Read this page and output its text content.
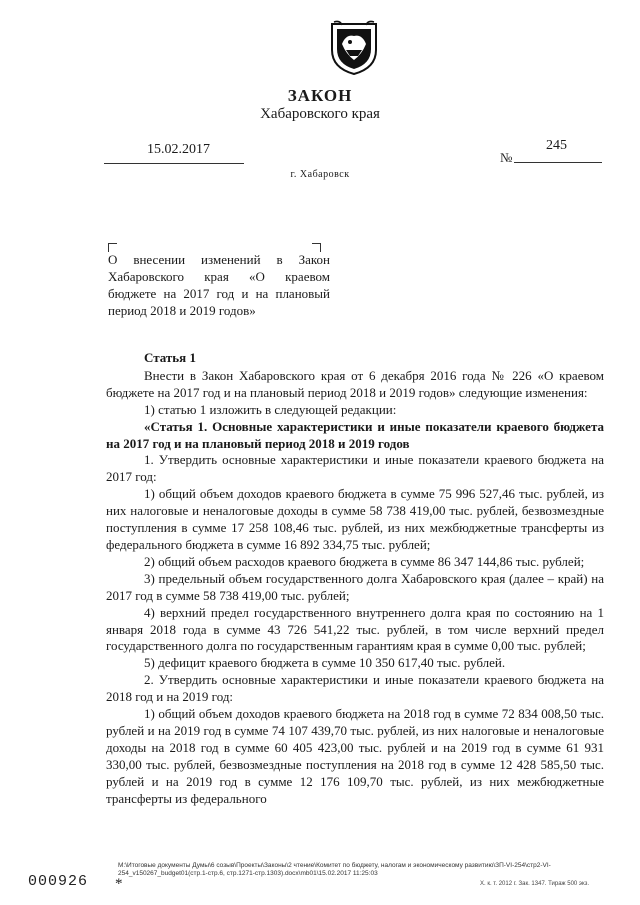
ЗАКОН
Хабаровского края
15.02.2017	245
№
г. Хабаровск
О внесении изменений в Закон
Хабаровского края «О краевом
бюджете на 2017 год и на плановый
период 2018 и 2019 годов»

Статья 1

Внести в Закон Хабаровского края от 6 декабря 2016 года № 226 «О краевом бюджете на 2017 год и на плановый период 2018 и 2019 годов» следующие изменения:

1) статью 1 изложить в следующей редакции:

«Статья 1. Основные характеристики и иные показатели краевого бюджета на 2017 год и на плановый период 2018 и 2019 годов

1. Утвердить основные характеристики и иные показатели краевого бюджета на 2017 год:

1) общий объем доходов краевого бюджета в сумме 75 996 527,46 тыс. рублей, из них налоговые и неналоговые доходы в сумме 58 738 419,00 тыс. рублей, безвозмездные поступления в сумме 17 258 108,46 тыс. рублей, из них межбюджетные трансферты из федерального бюджета в сумме 16 892 334,75 тыс. рублей;

2) общий объем расходов краевого бюджета в сумме 86 347 144,86 тыс. рублей;

3) предельный объем государственного долга Хабаровского края (далее – край) на 2017 год в сумме 58 738 419,00 тыс. рублей;

4) верхний предел государственного внутреннего долга края по состоянию на 1 января 2018 года в сумме 43 726 541,22 тыс. рублей, в том числе верхний предел государственного долга по государственным гарантиям края в сумме 0,00 тыс. рублей;

5) дефицит краевого бюджета в сумме 10 350 617,40 тыс. рублей.

2. Утвердить основные характеристики и иные показатели краевого бюджета на 2018 год и на 2019 год:

1) общий объем доходов краевого бюджета на 2018 год в сумме 72 834 008,50 тыс. рублей и на 2019 год в сумме 74 107 439,70 тыс. рублей, из них налоговые и неналоговые доходы на 2018 год в сумме 60 405 423,00 тыс. рублей и на 2019 год в сумме 61 931 330,00 тыс. рублей, безвозмездные поступления на 2018 год в сумме 12 428 585,50 тыс. рублей и на 2019 год в сумме 12 176 109,70 тыс. рублей, из них межбюджетные трансферты из федерального

M:\Итоговые документы Думы\6 созыв\Проекты\Законы\2 чтение\Комитет по бюджету, налогам и экономическому развитию\ЗП-VI-254\стр2-VI-
254_v150267_budget01(стр.1-стр.6, стр.1271-стр.1303).docx\mb01\15.02.2017 11:25:03
Х. к. т. 2012 г. Зак. 1347. Тираж 500 экз.
000926 *
